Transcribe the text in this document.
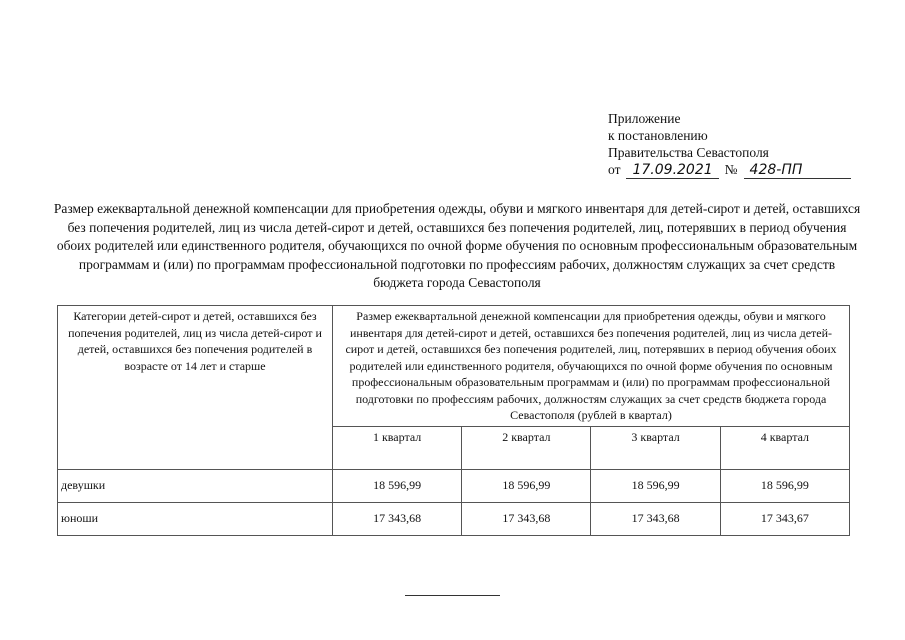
Приложение
к постановлению
Правительства Севастополя
от 17.09.2021 № 428-ПП
Размер ежеквартальной денежной компенсации для приобретения одежды, обуви и мягкого инвентаря для детей-сирот и детей, оставшихся без попечения родителей, лиц из числа детей-сирот и детей, оставшихся без попечения родителей, лиц, потерявших в период обучения обоих родителей или единственного родителя, обучающихся по очной форме обучения по основным профессиональным образовательным программам и (или) по программам профессиональной подготовки по профессиям рабочих, должностям служащих за счет средств бюджета города Севастополя
Категории детей-сирот и детей, оставшихся без попечения родителей, лиц из числа детей-сирот и детей, оставшихся без попечения родителей в возрасте от 14 лет и старше	Размер ежеквартальной денежной компенсации для приобретения одежды, обуви и мягкого инвентаря для детей-сирот и детей, оставшихся без попечения родителей, лиц из числа детей-сирот и детей, оставшихся без попечения родителей, лиц, потерявших в период обучения обоих родителей или единственного родителя, обучающихся по очной форме обучения по основным профессиональным образовательным программам и (или) по программам профессиональной подготовки по профессиям рабочих, должностям служащих за счет средств бюджета города Севастополя (рублей в квартал)			
	1 квартал	2 квартал	3 квартал	4 квартал
девушки	18 596,99	18 596,99	18 596,99	18 596,99
юноши	17 343,68	17 343,68	17 343,68	17 343,67
